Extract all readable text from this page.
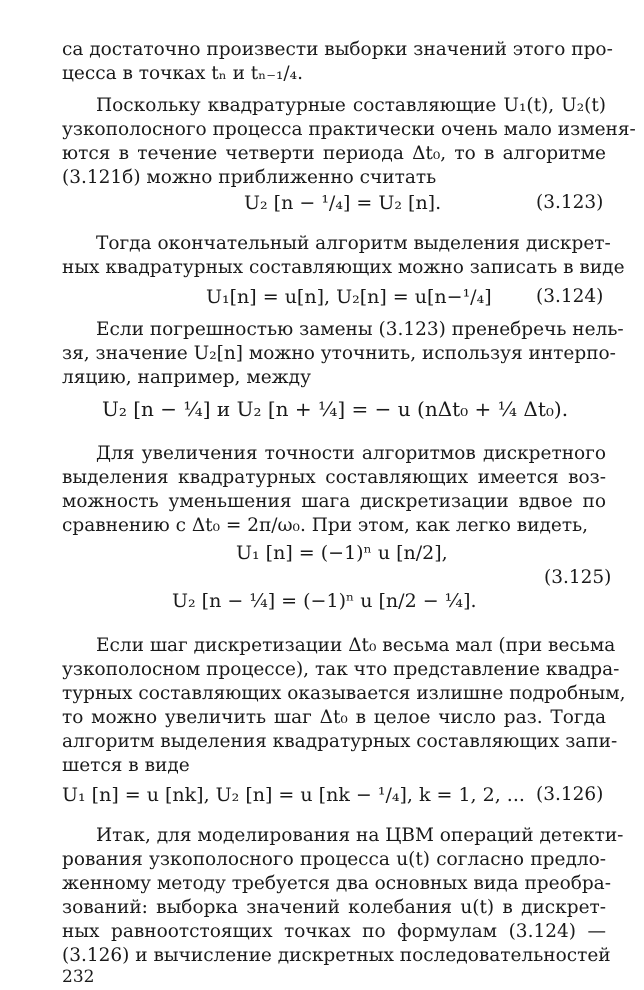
са достаточно произвести выборки значений этого про-
цесса в точках tₙ и tₙ₋₁/₄.
Поскольку квадратурные составляющие U₁(t), U₂(t)
узкополосного процесса практически очень мало изменя-
ются в течение четверти периода Δt₀, то в алгоритме
(3.121б) можно приближенно считать
U₂ [n − ¹/₄] = U₂ [n].	(3.123)
Тогда окончательный алгоритм выделения дискрет-
ных квадратурных составляющих можно записать в виде
U₁[n] = u[n], U₂[n] = u[n−¹/₄] (3.124)
Если погрешностью замены (3.123) пренебречь нель-
зя, значение U₂[n] можно уточнить, используя интерпо-
ляцию, например, между
U₂ [n − ¼] и U₂ [n + ¼] = − u (nΔt₀ + ¼ Δt₀).
Для увеличения точности алгоритмов дискретного
выделения квадратурных составляющих имеется воз-
можность уменьшения шага дискретизации вдвое по
сравнению с Δt₀ = 2π/ω₀. При этом, как легко видеть,
U₁ [n] = (−1)ⁿ u [n/2],
U₂ [n − ¼] = (−1)ⁿ u [n/2 − ¼].
(3.125)
Если шаг дискретизации Δt₀ весьма мал (при весьма
узкополосном процессе), так что представление квадра-
турных составляющих оказывается излишне подробным,
то можно увеличить шаг Δt₀ в целое число раз. Тогда
алгоритм выделения квадратурных составляющих запи-
шется в виде
U₁ [n] = u [nk], U₂ [n] = u [nk − ¹/₄], k = 1, 2, ... (3.126)
Итак, для моделирования на ЦВМ операций детекти-
рования узкополосного процесса u(t) согласно предло-
женному методу требуется два основных вида преобра-
зований: выборка значений колебания u(t) в дискрет-
ных равноотстоящих точках по формулам (3.124) —
(3.126) и вычисление дискретных последовательностей
232
